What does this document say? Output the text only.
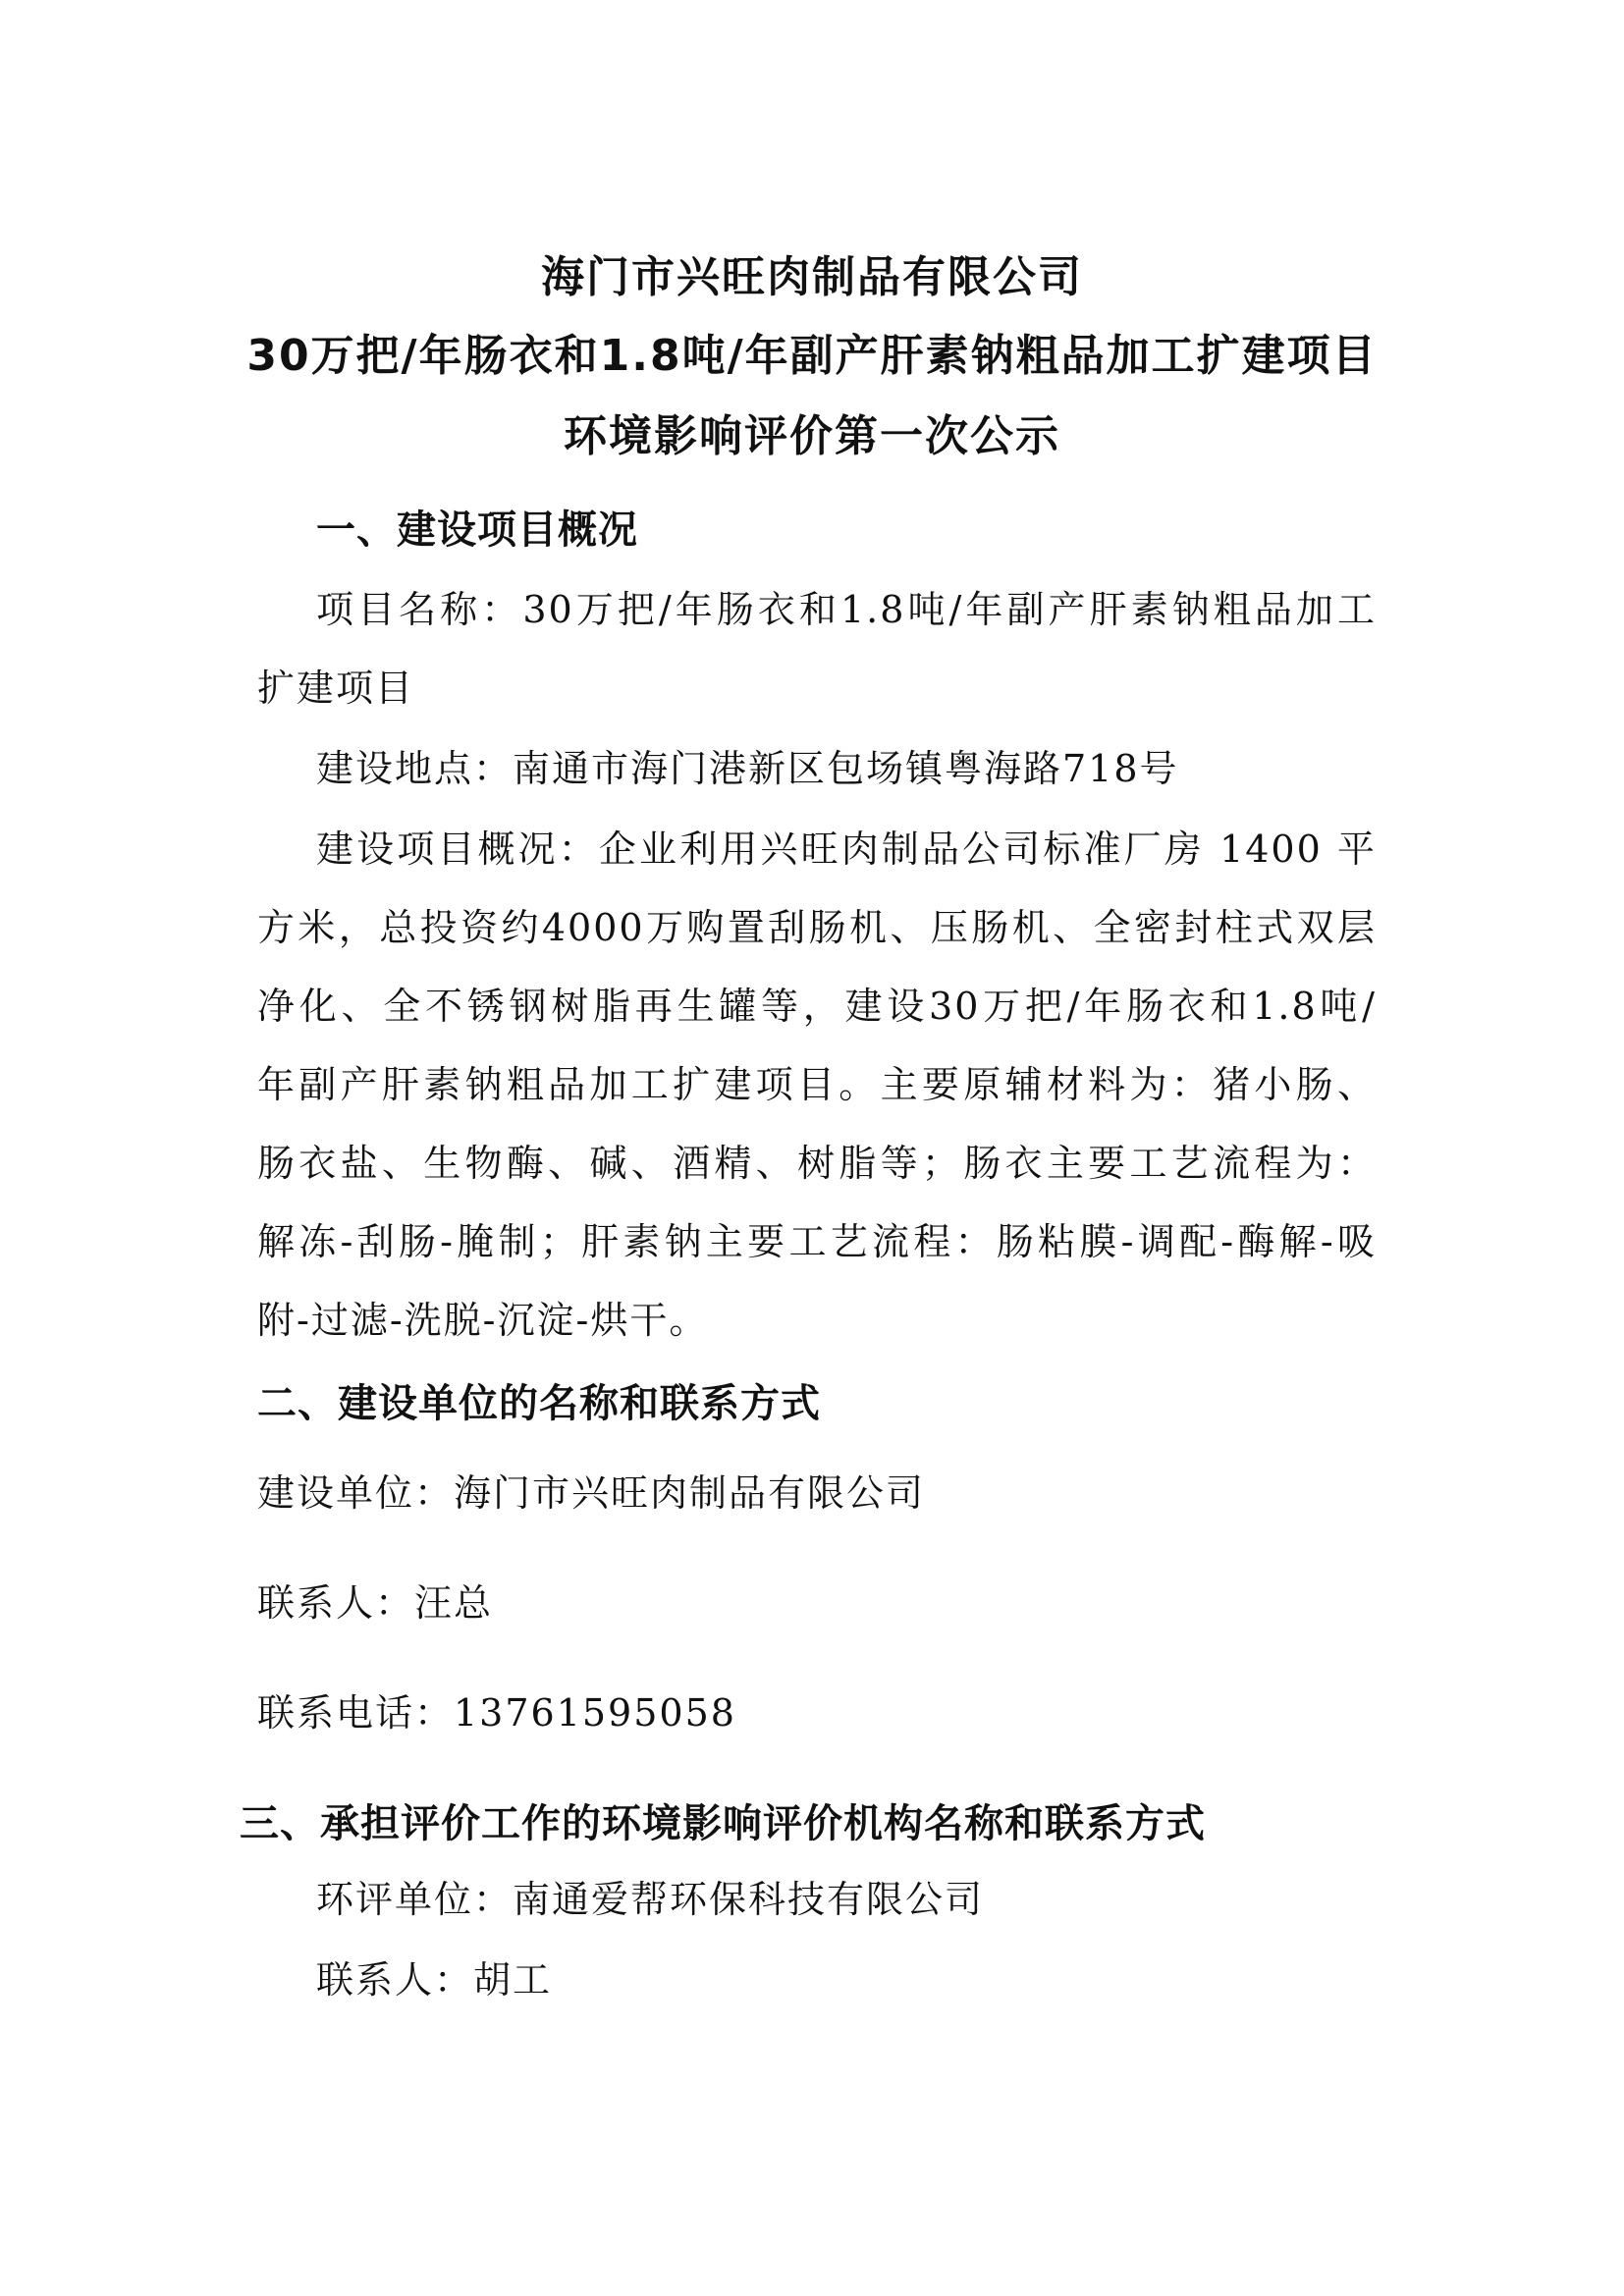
海门市兴旺肉制品有限公司
30万把/年肠衣和1.8吨/年副产肝素钠粗品加工扩建项目
环境影响评价第一次公示
一、建设项目概况
项目名称：30万把/年肠衣和1.8吨/年副产肝素钠粗品加工
扩建项目
建设地点：南通市海门港新区包场镇粤海路718号
建设项目概况：企业利用兴旺肉制品公司标准厂房 1400 平
方米，总投资约4000万购置刮肠机、压肠机、全密封柱式双层
净化、全不锈钢树脂再生罐等，建设30万把/年肠衣和1.8吨/
年副产肝素钠粗品加工扩建项目。主要原辅材料为：猪小肠、
肠衣盐、生物酶、碱、酒精、树脂等；肠衣主要工艺流程为：
解冻-刮肠-腌制；肝素钠主要工艺流程：肠粘膜-调配-酶解-吸
附-过滤-洗脱-沉淀-烘干。
二、建设单位的名称和联系方式
建设单位：海门市兴旺肉制品有限公司
联系人：汪总
联系电话：13761595058
三、承担评价工作的环境影响评价机构名称和联系方式
环评单位：南通爱帮环保科技有限公司
联系人：胡工
